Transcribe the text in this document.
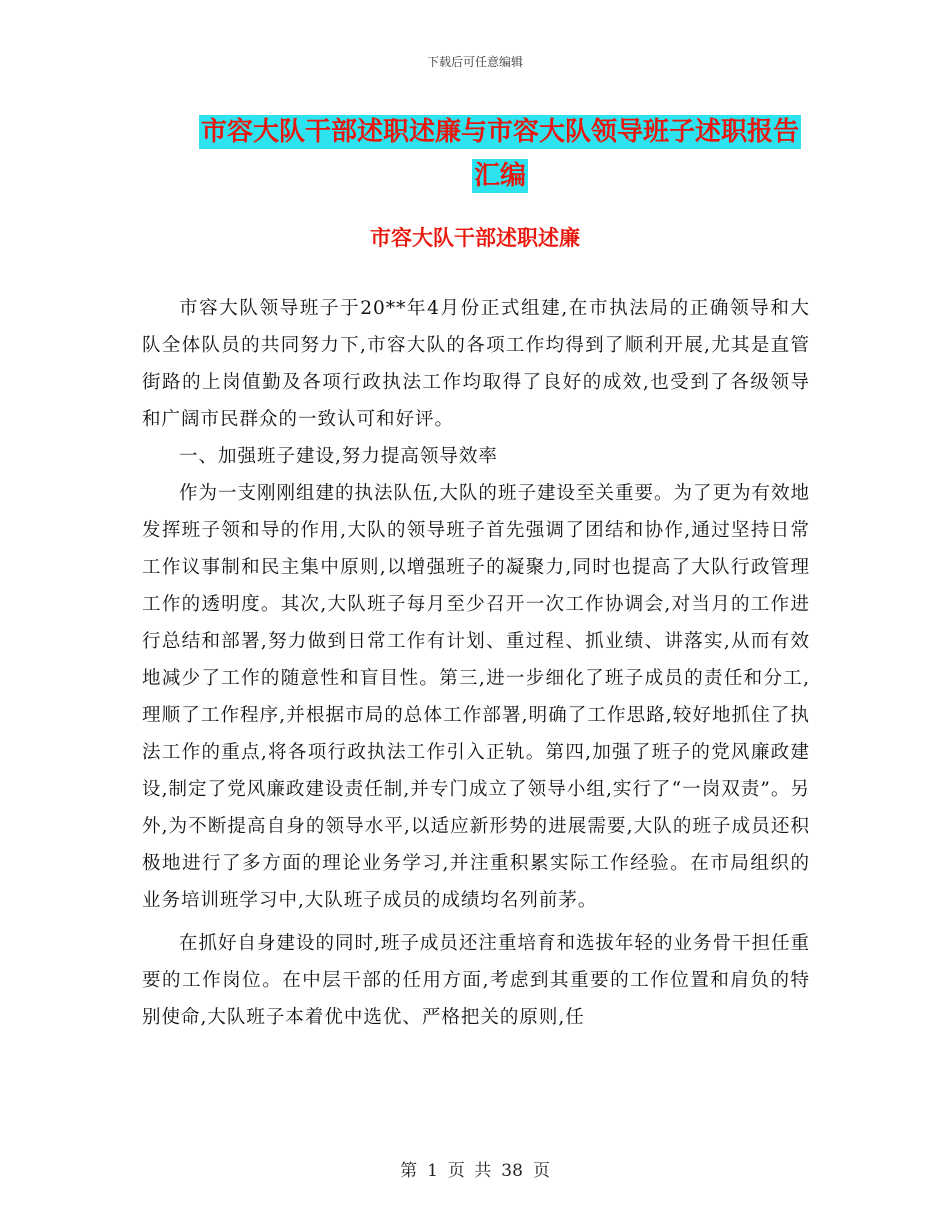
下载后可任意编辑
市容大队干部述职述廉与市容大队领导班子述职报告
汇编
市容大队干部述职述廉

市容大队领导班子于20**年4月份正式组建,在市执法局的正确领导和大队全体队员的共同努力下,市容大队的各项工作均得到了顺利开展,尤其是直管街路的上岗值勤及各项行政执法工作均取得了良好的成效,也受到了各级领导和广阔市民群众的一致认可和好评。

一、加强班子建设,努力提高领导效率

作为一支刚刚组建的执法队伍,大队的班子建设至关重要。为了更为有效地发挥班子领和导的作用,大队的领导班子首先强调了团结和协作,通过坚持日常工作议事制和民主集中原则,以增强班子的凝聚力,同时也提高了大队行政管理工作的透明度。其次,大队班子每月至少召开一次工作协调会,对当月的工作进行总结和部署,努力做到日常工作有计划、重过程、抓业绩、讲落实,从而有效地减少了工作的随意性和盲目性。第三,进一步细化了班子成员的责任和分工,理顺了工作程序,并根据市局的总体工作部署,明确了工作思路,较好地抓住了执法工作的重点,将各项行政执法工作引入正轨。第四,加强了班子的党风廉政建设,制定了党风廉政建设责任制,并专门成立了领导小组,实行了“一岗双责”。另外,为不断提高自身的领导水平,以适应新形势的进展需要,大队的班子成员还积极地进行了多方面的理论业务学习,并注重积累实际工作经验。在市局组织的业务培训班学习中,大队班子成员的成绩均名列前茅。

在抓好自身建设的同时,班子成员还注重培育和选拔年轻的业务骨干担任重要的工作岗位。在中层干部的任用方面,考虑到其重要的工作位置和肩负的特别使命,大队班子本着优中选优、严格把关的原则,任

第 1 页 共 38 页
